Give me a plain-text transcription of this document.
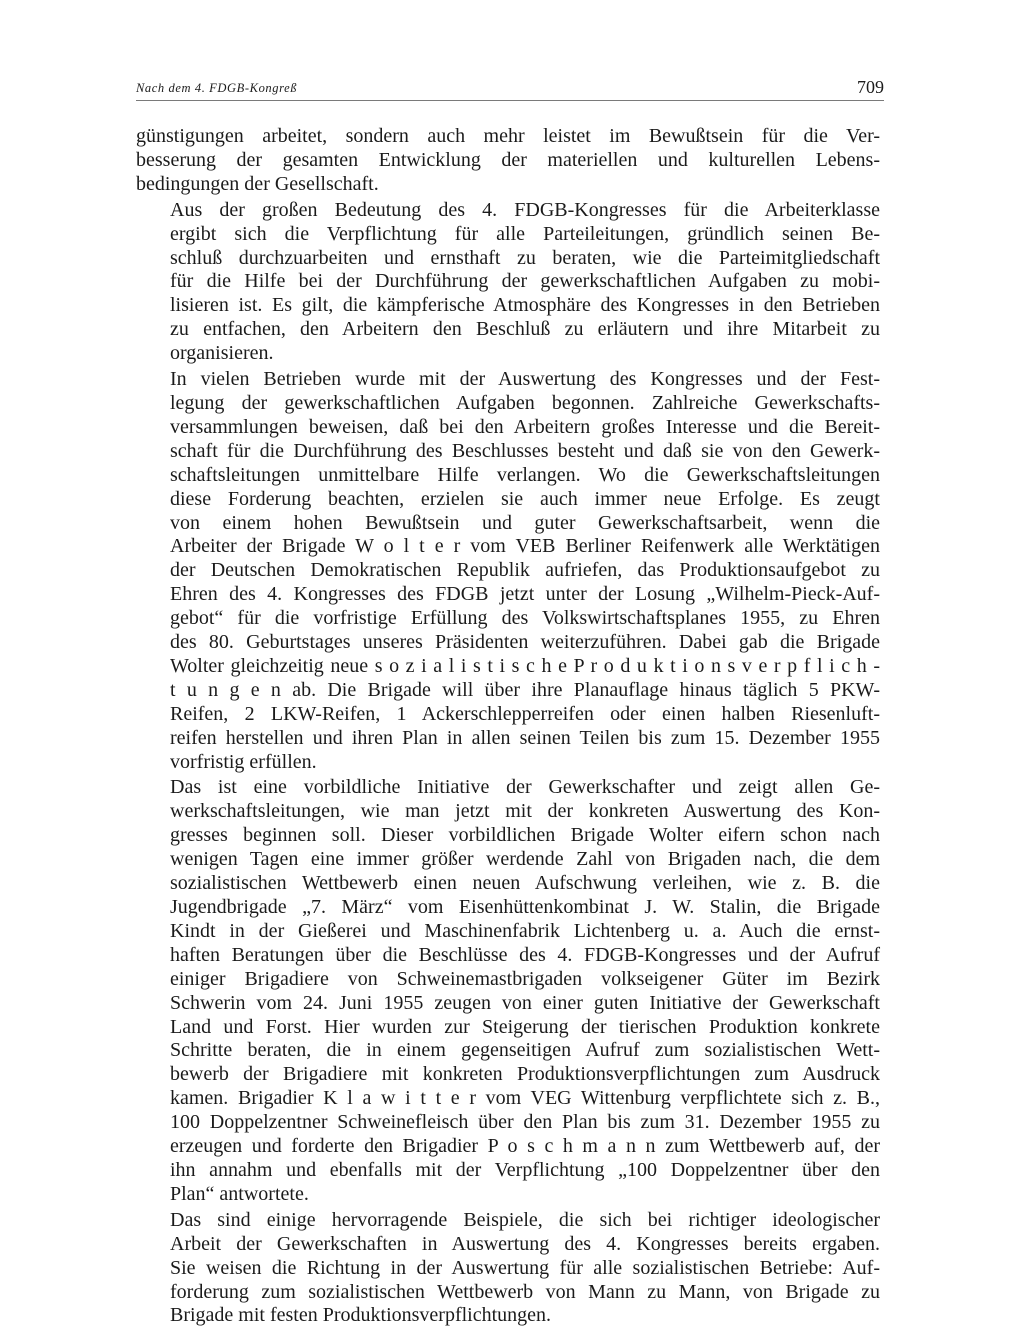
Nach dem 4. FDGB-Kongreß	709
günstigungen arbeitet, sondern auch mehr leistet im Bewußtsein für die Ver-
besserung der gesamten Entwicklung der materiellen und kulturellen Lebens-
bedingungen der Gesellschaft.
Aus der großen Bedeutung des 4. FDGB-Kongresses für die Arbeiterklasse
ergibt sich die Verpflichtung für alle Parteileitungen, gründlich seinen Be-
schluß durchzuarbeiten und ernsthaft zu beraten, wie die Parteimitgliedschaft
für die Hilfe bei der Durchführung der gewerkschaftlichen Aufgaben zu mobi-
lisieren ist. Es gilt, die kämpferische Atmosphäre des Kongresses in den Betrieben
zu entfachen, den Arbeitern den Beschluß zu erläutern und ihre Mitarbeit zu
organisieren.
In vielen Betrieben wurde mit der Auswertung des Kongresses und der Fest-
legung der gewerkschaftlichen Aufgaben begonnen. Zahlreiche Gewerkschafts-
versammlungen beweisen, daß bei den Arbeitern großes Interesse und die Bereit-
schaft für die Durchführung des Beschlusses besteht und daß sie von den Gewerk-
schaftsleitungen unmittelbare Hilfe verlangen. Wo die Gewerkschaftsleitungen
diese Forderung beachten, erzielen sie auch immer neue Erfolge. Es zeugt
von einem hohen Bewußtsein und guter Gewerkschaftsarbeit, wenn die
Arbeiter der Brigade W o l t e r vom VEB Berliner Reifenwerk alle Werktätigen
der Deutschen Demokratischen Republik aufriefen, das Produktionsaufgebot zu
Ehren des 4. Kongresses des FDGB jetzt unter der Losung „Wilhelm-Pieck-Auf-
gebot“ für die vorfristige Erfüllung des Volkswirtschaftsplanes 1955, zu Ehren
des 80. Geburtstages unseres Präsidenten weiterzuführen. Dabei gab die Brigade
Wolter gleichzeitig neue s o z i a l i s t i s c h e P r o d u k t i o n s v e r p f l i c h -
t u n g e n ab. Die Brigade will über ihre Planauflage hinaus täglich 5 PKW-
Reifen, 2 LKW-Reifen, 1 Ackerschlepperreifen oder einen halben Riesenluft-
reifen herstellen und ihren Plan in allen seinen Teilen bis zum 15. Dezember 1955
vorfristig erfüllen.
Das ist eine vorbildliche Initiative der Gewerkschafter und zeigt allen Ge-
werkschaftsleitungen, wie man jetzt mit der konkreten Auswertung des Kon-
gresses beginnen soll. Dieser vorbildlichen Brigade Wolter eifern schon nach
wenigen Tagen eine immer größer werdende Zahl von Brigaden nach, die dem
sozialistischen Wettbewerb einen neuen Aufschwung verleihen, wie z. B. die
Jugendbrigade „7. März“ vom Eisenhüttenkombinat J. W. Stalin, die Brigade
Kindt in der Gießerei und Maschinenfabrik Lichtenberg u. a. Auch die ernst-
haften Beratungen über die Beschlüsse des 4. FDGB-Kongresses und der Aufruf
einiger Brigadiere von Schweinemastbrigaden volkseigener Güter im Bezirk
Schwerin vom 24. Juni 1955 zeugen von einer guten Initiative der Gewerkschaft
Land und Forst. Hier wurden zur Steigerung der tierischen Produktion konkrete
Schritte beraten, die in einem gegenseitigen Aufruf zum sozialistischen Wett-
bewerb der Brigadiere mit konkreten Produktionsverpflichtungen zum Ausdruck
kamen. Brigadier K l a w i t t e r vom VEG Wittenburg verpflichtete sich z. B.,
100 Doppelzentner Schweinefleisch über den Plan bis zum 31. Dezember 1955 zu
erzeugen und forderte den Brigadier P o s c h m a n n zum Wettbewerb auf, der
ihn annahm und ebenfalls mit der Verpflichtung „100 Doppelzentner über den
Plan“ antwortete.
Das sind einige hervorragende Beispiele, die sich bei richtiger ideologischer
Arbeit der Gewerkschaften in Auswertung des 4. Kongresses bereits ergaben.
Sie weisen die Richtung in der Auswertung für alle sozialistischen Betriebe: Auf-
forderung zum sozialistischen Wettbewerb von Mann zu Mann, von Brigade zu
Brigade mit festen Produktionsverpflichtungen.
